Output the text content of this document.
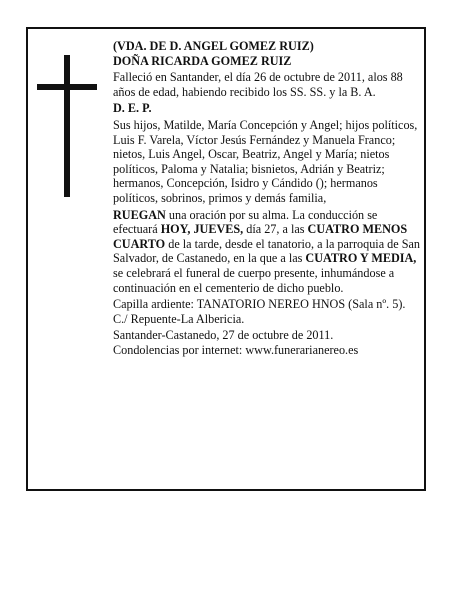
(VDA. DE D. ANGEL GOMEZ RUIZ)

DOÑA RICARDA GOMEZ RUIZ

Falleció en Santander, el día 26 de octubre de 2011, alos 88 años de edad, habiendo recibido los SS. SS. y la B. A.

D. E. P.

Sus hijos, Matilde, María Concepción y Angel; hijos políticos, Luis F. Varela, Víctor Jesús Fernández y Manuela Franco; nietos, Luis Angel, Oscar, Beatriz, Angel y María; nietos políticos, Paloma y Natalia; bisnietos, Adrián y Beatriz; hermanos, Concepción, Isidro y Cándido (); hermanos políticos, sobrinos, primos y demás familia,

RUEGAN una oración por su alma. La conducción se efectuará HOY, JUEVES, día 27, a las CUATRO MENOS CUARTO de la tarde, desde el tanatorio, a la parroquia de San Salvador, de Castanedo, en la que a las CUATRO Y MEDIA, se celebrará el funeral de cuerpo presente, inhumándose a continuación en el cementerio de dicho pueblo.

Capilla ardiente: TANATORIO NEREO HNOS (Sala nº. 5). C./ Repuente-La Albericia.

Santander-Castanedo, 27 de octubre de 2011.

Condolencias por internet: www.funerarianereo.es
